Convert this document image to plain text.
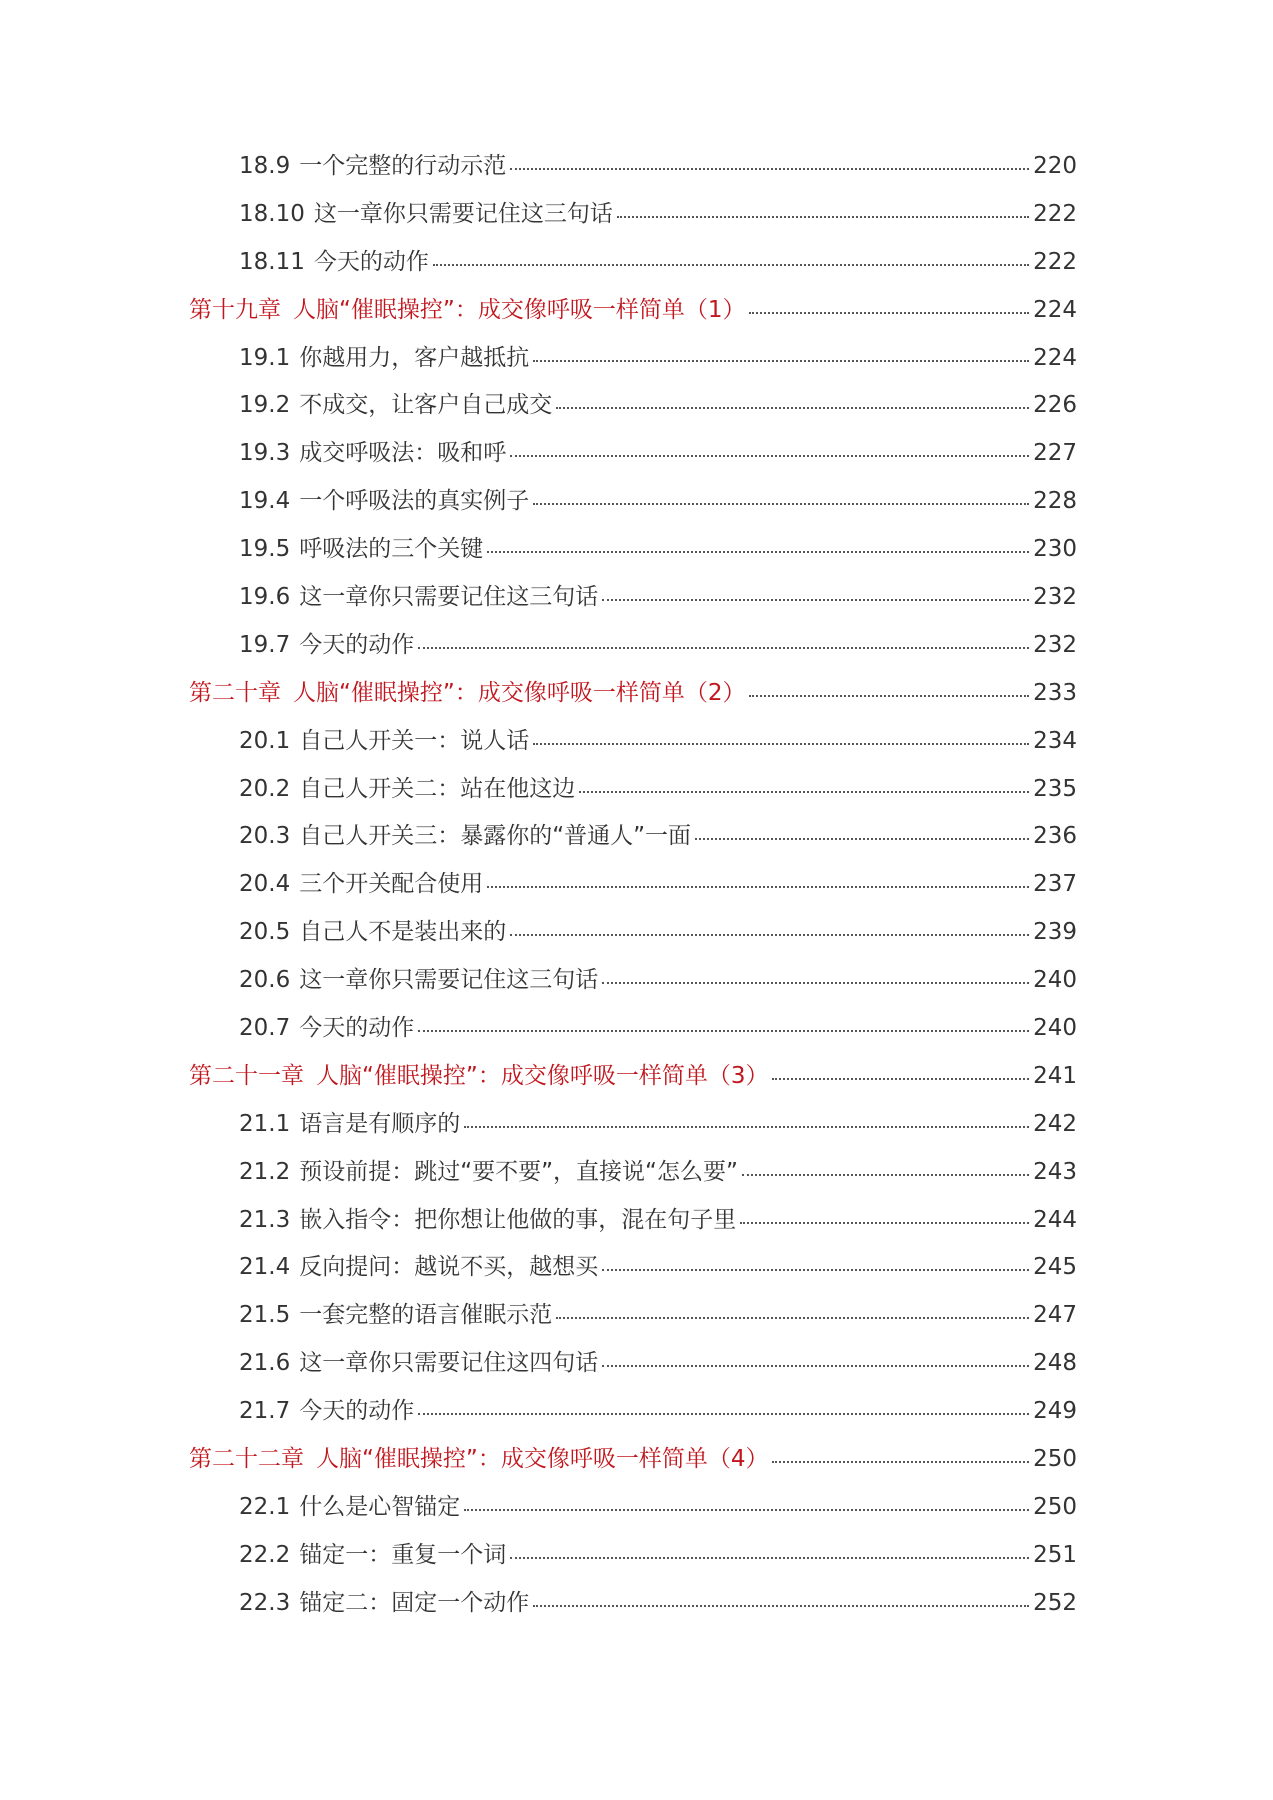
18.9 一个完整的行动示范	220
18.10 这一章你只需要记住这三句话	222
18.11 今天的动作	222
第十九章 人脑“催眠操控”：成交像呼吸一样简单（1）	224
19.1 你越用力，客户越抵抗	224
19.2 不成交，让客户自己成交	226
19.3 成交呼吸法：吸和呼	227
19.4 一个呼吸法的真实例子	228
19.5 呼吸法的三个关键	230
19.6 这一章你只需要记住这三句话	232
19.7 今天的动作	232
第二十章 人脑“催眠操控”：成交像呼吸一样简单（2）	233
20.1 自己人开关一：说人话	234
20.2 自己人开关二：站在他这边	235
20.3 自己人开关三：暴露你的“普通人”一面	236
20.4 三个开关配合使用	237
20.5 自己人不是装出来的	239
20.6 这一章你只需要记住这三句话	240
20.7 今天的动作	240
第二十一章 人脑“催眠操控”：成交像呼吸一样简单（3）	241
21.1 语言是有顺序的	242
21.2 预设前提：跳过“要不要”，直接说“怎么要”	243
21.3 嵌入指令：把你想让他做的事，混在句子里	244
21.4 反向提问：越说不买，越想买	245
21.5 一套完整的语言催眠示范	247
21.6 这一章你只需要记住这四句话	248
21.7 今天的动作	249
第二十二章 人脑“催眠操控”：成交像呼吸一样简单（4）	250
22.1 什么是心智锚定	250
22.2 锚定一：重复一个词	251
22.3 锚定二：固定一个动作	252
